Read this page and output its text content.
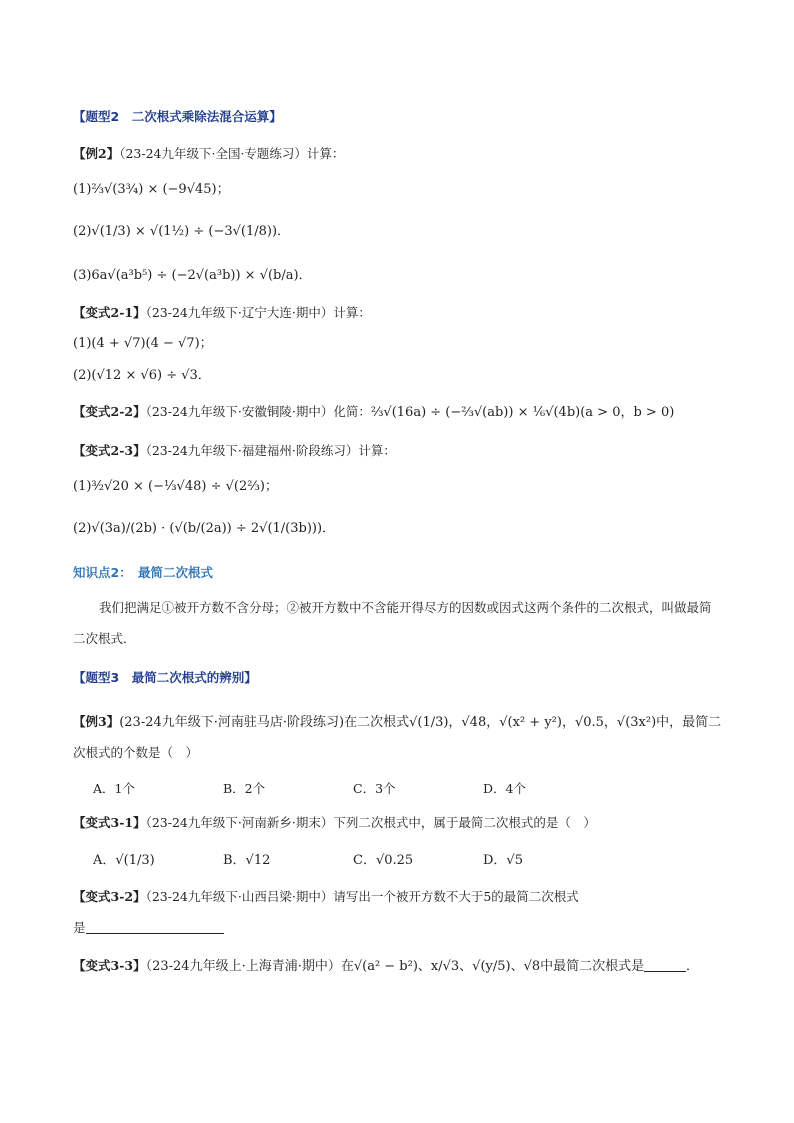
【题型2　二次根式乘除法混合运算】
【例2】（23-24九年级下·全国·专题练习）计算：
(1)⅔√(3¾) × (−9√45)；
(2)√(1/3) × √(1½) ÷ (−3√(1/8))．
(3)6a√(a³b⁵) ÷ (−2√(a³b)) × √(b/a)．
【变式2-1】（23-24九年级下·辽宁大连·期中）计算：
(1)(4 + √7)(4 − √7)；
(2)(√12 × √6) ÷ √3．
【变式2-2】（23-24九年级下·安徽铜陵·期中）化简：⅔√(16a) ÷ (−⅔√(ab)) × ⅙√(4b)(a > 0，b > 0)
【变式2-3】（23-24九年级下·福建福州·阶段练习）计算：
(1)³⁄₂√20 × (−⅓√48) ÷ √(2⅔)；
(2)√(3a)/(2b) · (√(b/(2a)) ÷ 2√(1/(3b)))．
知识点2：　最简二次根式
我们把满足①被开方数不含分母；②被开方数中不含能开得尽方的因数或因式这两个条件的二次根式，叫做最简二次根式．
【题型3　最简二次根式的辨别】
【例3】(23-24九年级下·河南驻马店·阶段练习)在二次根式√(1/3)，√48，√(x² + y²)，√0.5，√(3x²)中，最简二
次根式的个数是（　）
A．1个	B．2个	C．3个	D．4个
【变式3-1】（23-24九年级下·河南新乡·期末）下列二次根式中，属于最简二次根式的是（　）
A．√(1/3)	B．√12	C．√0.25	D．√5
【变式3-2】（23-24九年级下·山西吕梁·期中）请写出一个被开方数不大于5的最简二次根式
是
【变式3-3】（23-24九年级上·上海青浦·期中）在√(a² − b²)、x/√3、√(y/5)、√8中最简二次根式是	．
